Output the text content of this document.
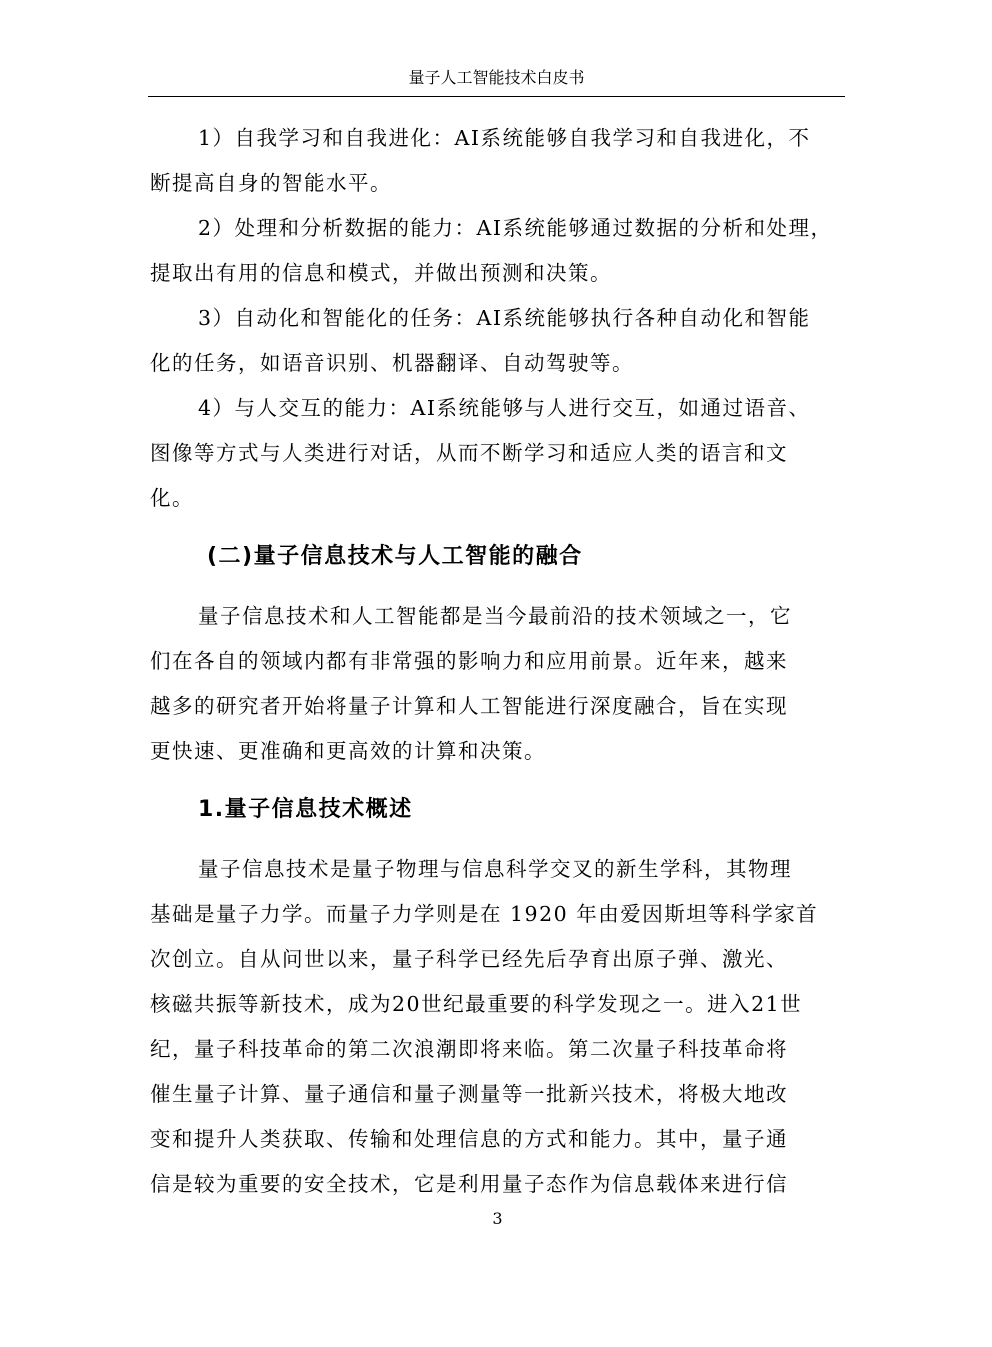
量子人工智能技术白皮书
1）自我学习和自我进化：AI系统能够自我学习和自我进化，不
断提高自身的智能水平。
2）处理和分析数据的能力：AI系统能够通过数据的分析和处理，
提取出有用的信息和模式，并做出预测和决策。
3）自动化和智能化的任务：AI系统能够执行各种自动化和智能
化的任务，如语音识别、机器翻译、自动驾驶等。
4）与人交互的能力：AI系统能够与人进行交互，如通过语音、
图像等方式与人类进行对话，从而不断学习和适应人类的语言和文
化。
(二)量子信息技术与人工智能的融合
量子信息技术和人工智能都是当今最前沿的技术领域之一，它
们在各自的领域内都有非常强的影响力和应用前景。近年来，越来
越多的研究者开始将量子计算和人工智能进行深度融合，旨在实现
更快速、更准确和更高效的计算和决策。
1.量子信息技术概述
量子信息技术是量子物理与信息科学交叉的新生学科，其物理
基础是量子力学。而量子力学则是在 1920 年由爱因斯坦等科学家首
次创立。自从问世以来，量子科学已经先后孕育出原子弹、激光、
核磁共振等新技术，成为20世纪最重要的科学发现之一。进入21世
纪，量子科技革命的第二次浪潮即将来临。第二次量子科技革命将
催生量子计算、量子通信和量子测量等一批新兴技术，将极大地改
变和提升人类获取、传输和处理信息的方式和能力。其中，量子通
信是较为重要的安全技术，它是利用量子态作为信息载体来进行信
3
